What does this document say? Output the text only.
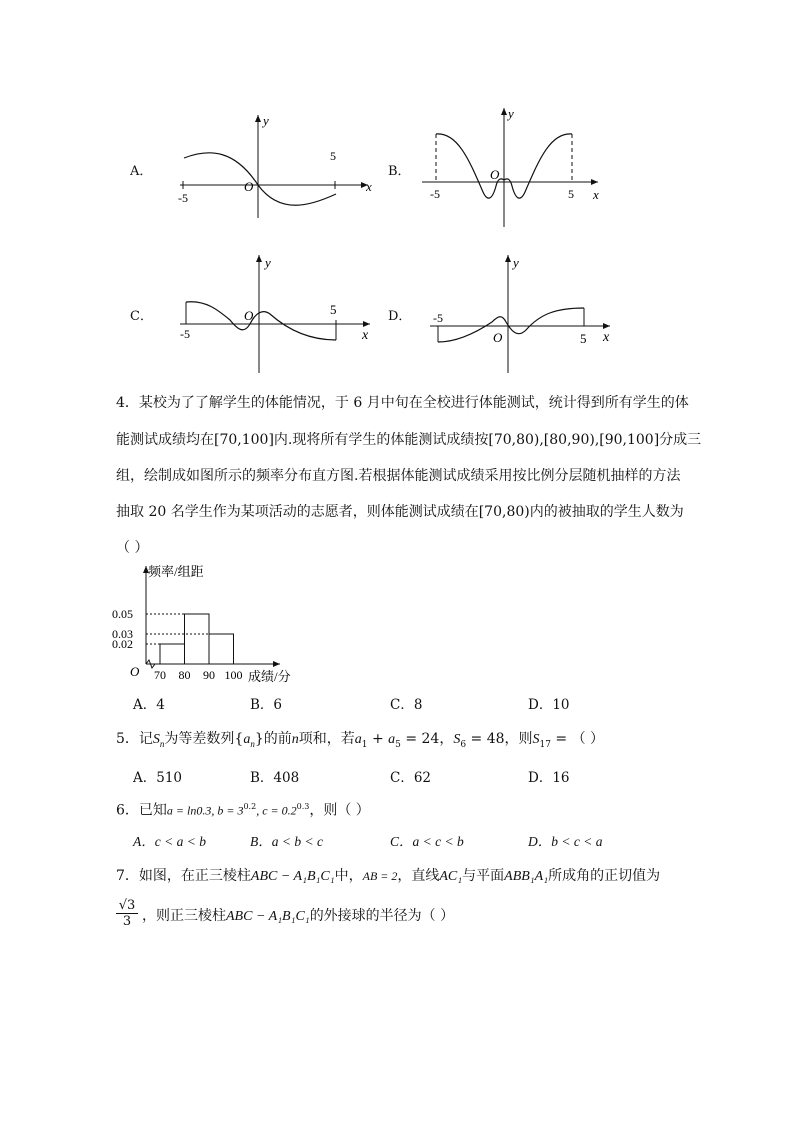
A．
-5
5
x
y
O
B．
-5	5 x
y
O
C．
-5
5
x
y
O	D． -5
5 x
y
O
4．某校为了了解学生的体能情况，于 6 月中旬在全校进行体能测试，统计得到所有学生的体
能测试成绩均在[70,100]内.现将所有学生的体能测试成绩按[70,80),[80,90),[90,100]分成三
组，绘制成如图所示的频率分布直方图.若根据体能测试成绩采用按比例分层随机抽样的方法
抽取 20 名学生作为某项活动的志愿者，则体能测试成绩在[70,80)内的被抽取的学生人数为
（ ）
0.05
0.03
0.02
70 80 90 100
频率/组距
成绩/分
O
A．4	B．6	C．8	D．10
5．记$S_n$为等差数列$\{a_n\}$的前n项和，若$a_1 + a_5 = 24$，$S_6 = 48$，则$S_{17}$ = （ ）
A．510	B．408	C．62	D．16
6．已知a = ln0.3, $b = 3^{0.2}$, $c = 0.2^{0.3}$，则（ ）
A．c < a < b	B．a < b < c	C．a < c < b	D．b < c < a
7．如图，在正三棱柱ABC − A₁B₁C₁中，AB = 2，直线AC₁与平面ABB₁A₁所成角的正切值为
$\frac{√3}{3}$ ，则正三棱柱ABC − A₁B₁C₁的外接球的半径为（ ）
